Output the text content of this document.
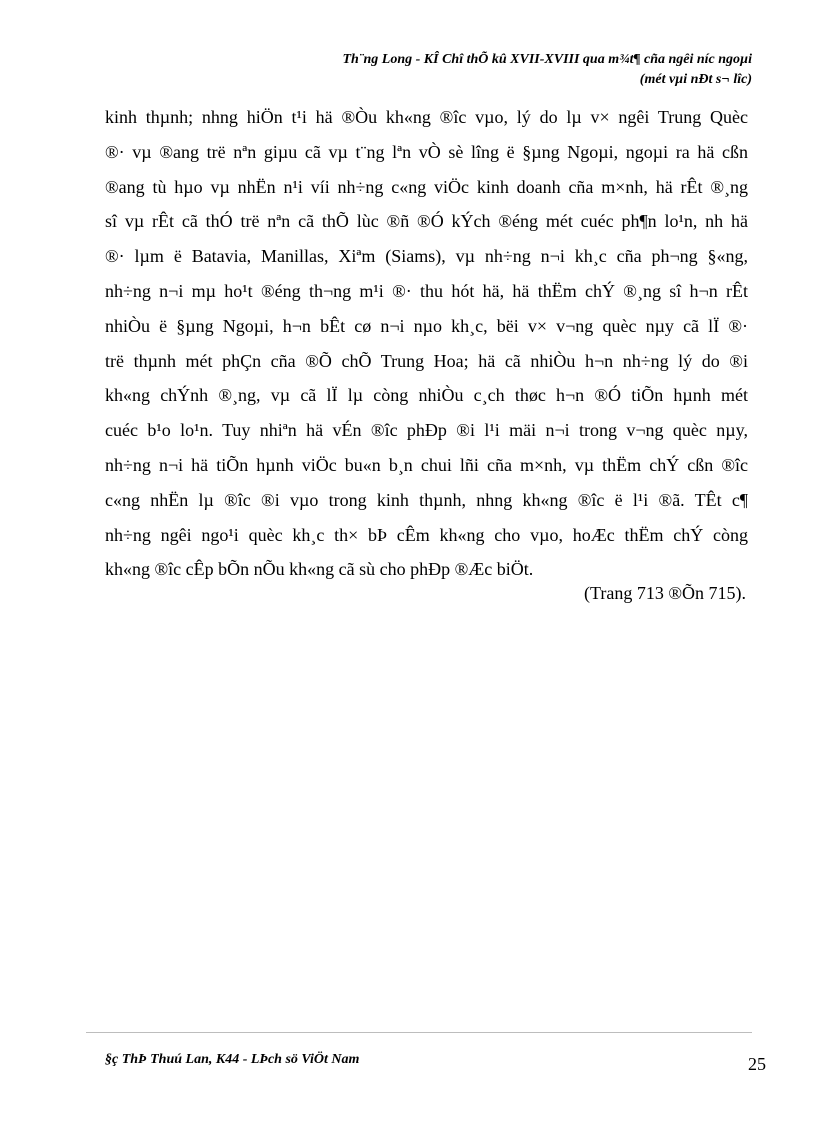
Th¨ng Long - KÎ Chî thÕ kû XVII-XVIII qua m¾t¶ cña ngêi níc ngoµi
(mét vµi nÐt s¬ lîc)
kinh thµnh; nhng hiÖn t¹i hä ®Òu kh«ng ®îc vµo, lý do lµ v× ngêi Trung Quèc
®· vµ ®ang trë nªn giµu cã vµ t¨ng lªn vÒ sè lîng ë §µng Ngoµi, ngoµi ra hä cßn
®ang tù hµo vµ nhËn n¹i víi nh÷ng c«ng viÖc kinh doanh cña m×nh, hä rÊt ®¸ng
sî vµ rÊt cã thÓ trë nªn cã thÕ lùc ®ñ ®Ó kÝch ®éng mét cuéc ph¶n lo¹n, nh hä
®· lµm ë Batavia, Manillas, Xiªm (Siams), vµ nh÷ng n¬i kh¸c cña ph¬ng §«ng,
nh÷ng n¬i mµ ho¹t ®éng th¬ng m¹i ®· thu hót hä, hä thËm chÝ ®¸ng sî h¬n rÊt
nhiÒu ë §µng Ngoµi, h¬n bÊt cø n¬i nµo kh¸c, bëi v× v¬ng quèc nµy cã lÏ ®·
trë thµnh mét phÇn cña ®Õ chÕ Trung Hoa; hä cã nhiÒu h¬n nh÷ng lý do ®i
kh«ng chÝnh ®¸ng, vµ cã lÏ lµ còng nhiÒu c¸ch thøc h¬n ®Ó tiÕn hµnh mét
cuéc b¹o lo¹n. Tuy nhiªn hä vÉn ®îc phÐp ®i l¹i mäi n¬i trong v¬ng quèc nµy,
nh÷ng n¬i hä tiÕn hµnh viÖc bu«n b¸n chui lñi cña m×nh, vµ thËm chÝ cßn ®îc
c«ng nhËn lµ ®îc ®i vµo trong kinh thµnh, nhng kh«ng ®îc ë l¹i ®ã. TÊt c¶
nh÷ng ngêi ngo¹i quèc kh¸c th× bÞ cÊm kh«ng cho vµo, hoÆc thËm chÝ còng
kh«ng ®îc cÊp bÕn nÕu kh«ng cã sù cho phÐp ®Æc biÖt.
(Trang 713 ®Õn 715).
§ç ThÞ Thuú Lan, K44 - LÞch sö ViÖt Nam	25
